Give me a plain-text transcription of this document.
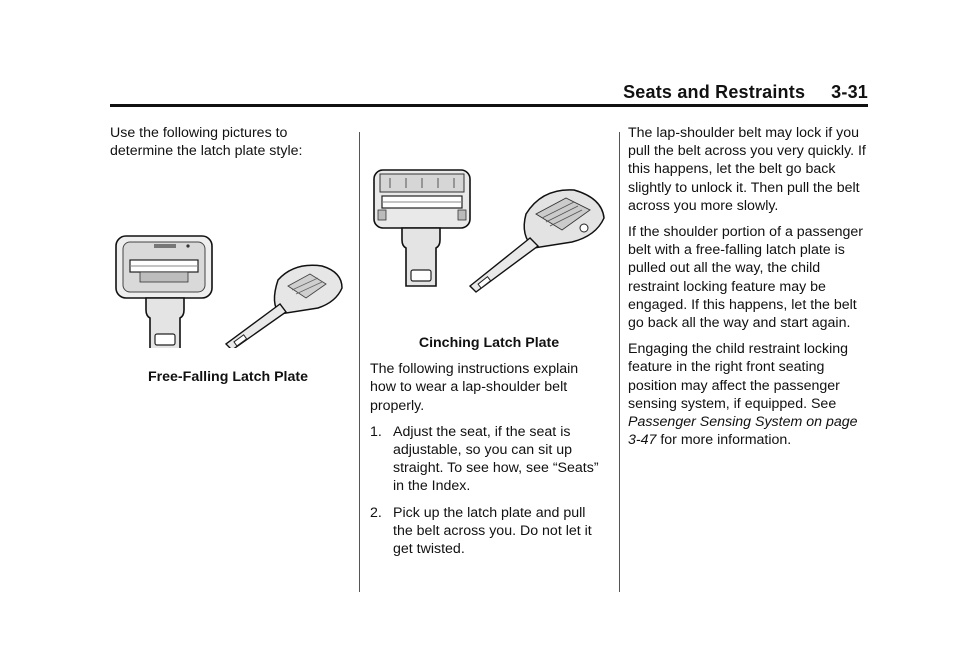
Seats and Restraints 3-31

Use the following pictures to determine the latch plate style:

Free-Falling Latch Plate

Cinching Latch Plate

The following instructions explain how to wear a lap-shoulder belt properly.

1. Adjust the seat, if the seat is adjustable, so you can sit up straight. To see how, see “Seats” in the Index.
2. Pick up the latch plate and pull the belt across you. Do not let it get twisted.

The lap-shoulder belt may lock if you pull the belt across you very quickly. If this happens, let the belt go back slightly to unlock it. Then pull the belt across you more slowly.

If the shoulder portion of a passenger belt with a free-falling latch plate is pulled out all the way, the child restraint locking feature may be engaged. If this happens, let the belt go back all the way and start again.

Engaging the child restraint locking feature in the right front seating position may affect the passenger sensing system, if equipped. See Passenger Sensing System on page 3-47 for more information.
